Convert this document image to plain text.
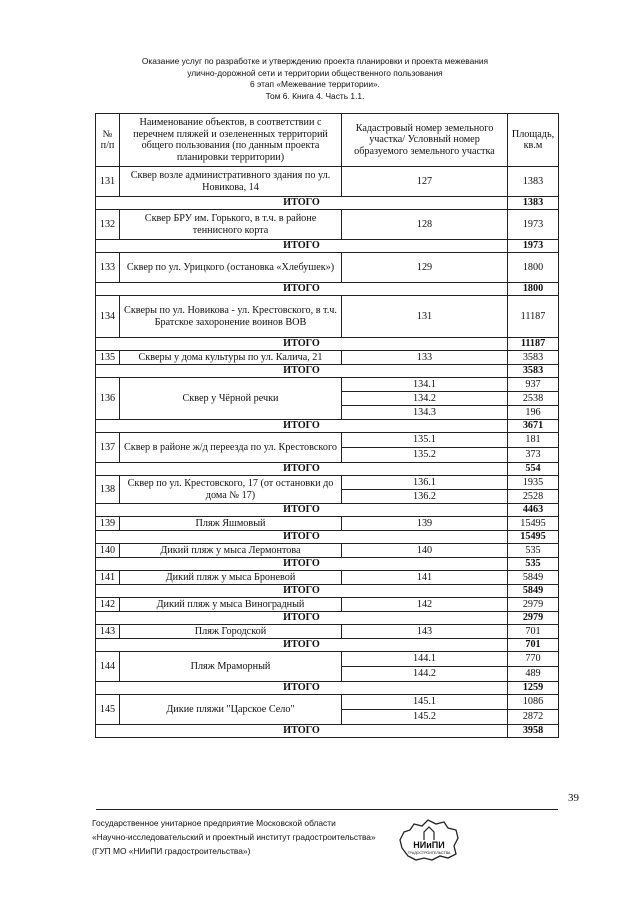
Оказание услуг по разработке и утверждению проекта планировки и проекта межевания
улично-дорожной сети и территории общественного пользования
6 этап «Межевание территории».
Том 6. Книга 4. Часть 1.1.
№ п/п	Наименование объектов, в соответствии с перечнем пляжей и озелененных территорий общего пользования (по данным проекта планировки территории)	Кадастровый номер земельного участка/ Условный номер образуемого земельного участка	Площадь, кв.м
131	Сквер возле административного здания по ул. Новикова, 14	127	1383
ИТОГО			1383
132	Сквер БРУ им. Горького, в т.ч. в районе теннисного корта	128	1973
ИТОГО			1973
133	Сквер по ул. Урицкого (остановка «Хлебушек»)	129	1800
ИТОГО			1800
134	Скверы по ул. Новикова - ул. Крестовского, в т.ч. Братское захоронение воинов ВОВ	131	11187
ИТОГО			11187
135	Скверы у дома культуры по ул. Калича, 21	133	3583
ИТОГО			3583
136	Сквер у Чёрной речки	134.1	937
		134.2	2538
		134.3	196
ИТОГО			3671
137	Сквер в районе ж/д переезда по ул. Крестовского	135.1	181
		135.2	373
ИТОГО			554
138	Сквер по ул. Крестовского, 17 (от остановки до дома № 17)	136.1	1935
		136.2	2528
ИТОГО			4463
139	Пляж Яшмовый	139	15495
ИТОГО			15495
140	Дикий пляж у мыса Лермонтова	140	535
ИТОГО			535
141	Дикий пляж у мыса Броневой	141	5849
ИТОГО			5849
142	Дикий пляж у мыса Виноградный	142	2979
ИТОГО			2979
143	Пляж Городской	143	701
ИТОГО			701
144	Пляж Мраморный	144.1	770
		144.2	489
ИТОГО			1259
145	Дикие пляжи "Царское Село"	145.1	1086
		145.2	2872
ИТОГО			3958
39
Государственное унитарное предприятие Московской области
«Научно-исследовательский и проектный институт градостроительства»
(ГУП МО «НИиПИ градостроительства»)
НИиПИ
ГРАДОСТРОИТЕЛЬСТВА
